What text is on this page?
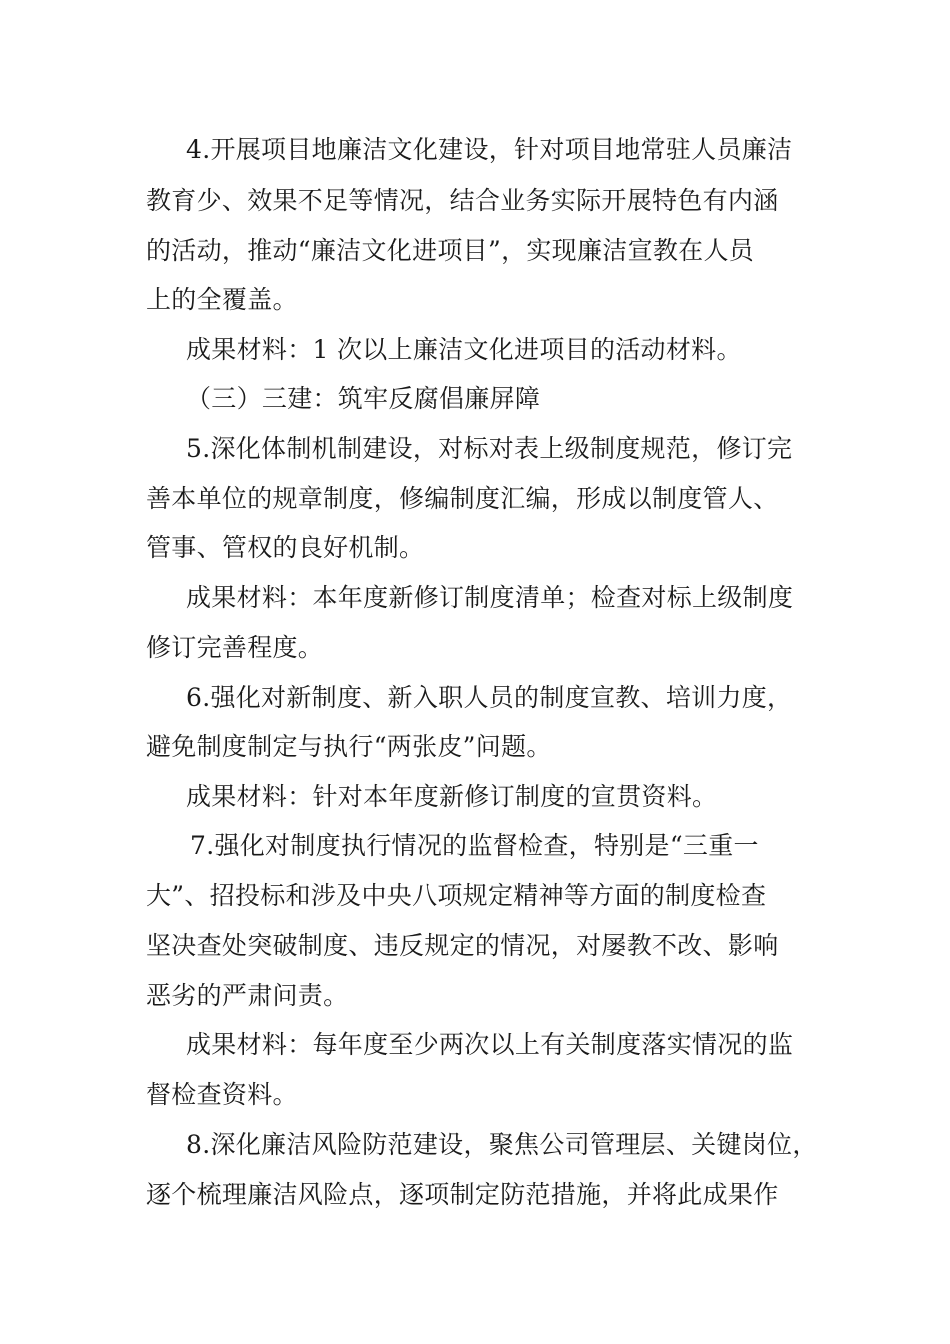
4.开展项目地廉洁文化建设，针对项目地常驻人员廉洁
教育少、效果不足等情况，结合业务实际开展特色有内涵
的活动，推动“廉洁文化进项目”，实现廉洁宣教在人员
上的全覆盖。
成果材料：1 次以上廉洁文化进项目的活动材料。
（三）三建：筑牢反腐倡廉屏障
5.深化体制机制建设，对标对表上级制度规范，修订完
善本单位的规章制度，修编制度汇编，形成以制度管人、
管事、管权的良好机制。
成果材料：本年度新修订制度清单；检查对标上级制度
修订完善程度。
6.强化对新制度、新入职人员的制度宣教、培训力度，
避免制度制定与执行“两张皮”问题。
成果材料：针对本年度新修订制度的宣贯资料。
7.强化对制度执行情况的监督检查，特别是“三重一
大”、招投标和涉及中央八项规定精神等方面的制度检查
坚决查处突破制度、违反规定的情况，对屡教不改、影响
恶劣的严肃问责。
成果材料：每年度至少两次以上有关制度落实情况的监
督检查资料。
8.深化廉洁风险防范建设，聚焦公司管理层、关键岗位，
逐个梳理廉洁风险点，逐项制定防范措施，并将此成果作
